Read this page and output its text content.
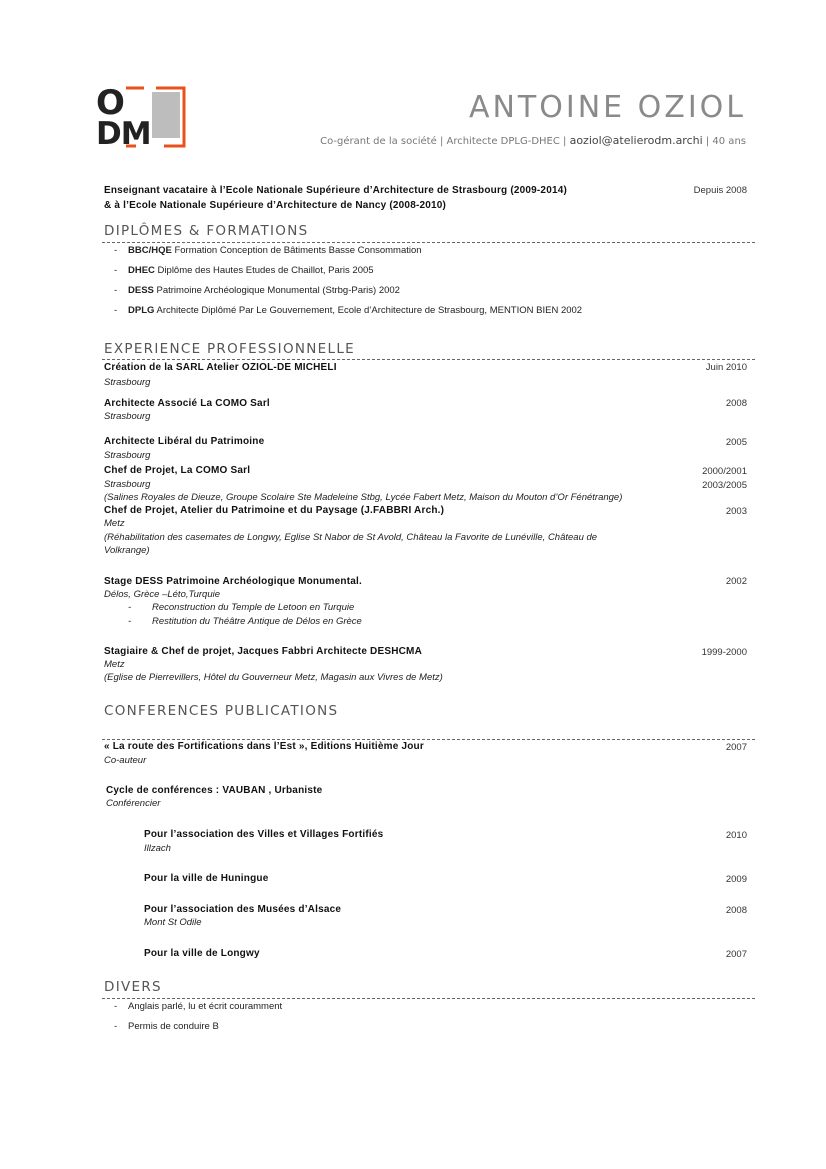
O
DM
ANTOINE OZIOL
Co-gérant de la société | Architecte DPLG-DHEC | aoziol@atelierodm.archi | 40 ans
Enseignant vacataire à l’Ecole Nationale Supérieure d’Architecture de Strasbourg (2009-2014)
& à l’Ecole Nationale Supérieure d’Architecture de Nancy (2008-2010)
Depuis 2008
DIPLÔMES & FORMATIONS
- BBC/HQE Formation Conception de Bâtiments Basse Consommation
- DHEC Diplôme des Hautes Etudes de Chaillot, Paris 2005
- DESS Patrimoine Archéologique Monumental (Strbg-Paris) 2002
- DPLG Architecte Diplômé Par Le Gouvernement, Ecole d’Architecture de Strasbourg, MENTION BIEN 2002
EXPERIENCE PROFESSIONNELLE
Création de la SARL Atelier OZIOL-DE MICHELI
Strasbourg
Juin 2010
Architecte Associé La COMO Sarl
Strasbourg
2008
Architecte Libéral du Patrimoine
Strasbourg
2005
Chef de Projet, La COMO Sarl
Strasbourg
(Salines Royales de Dieuze, Groupe Scolaire Ste Madeleine Stbg, Lycée Fabert Metz, Maison du Mouton d’Or Fénétrange)
2000/2001
2003/2005
Chef de Projet, Atelier du Patrimoine et du Paysage (J.FABBRI Arch.)
Metz
(Réhabilitation des casemates de Longwy, Eglise St Nabor de St Avold, Château la Favorite de Lunéville, Château de
Volkrange)
2003
Stage DESS Patrimoine Archéologique Monumental.
Délos, Grèce –Léto,Turquie
- Reconstruction du Temple de Letoon en Turquie
- Restitution du Théâtre Antique de Délos en Grèce
2002
Stagiaire & Chef de projet, Jacques Fabbri Architecte DESHCMA
Metz
(Eglise de Pierrevillers, Hôtel du Gouverneur Metz, Magasin aux Vivres de Metz)
1999-2000
CONFERENCES PUBLICATIONS
« La route des Fortifications dans l’Est », Editions Huitième Jour
Co-auteur
2007
Cycle de conférences : VAUBAN , Urbaniste
Conférencier
Pour l’association des Villes et Villages Fortifiés
Illzach
2010
Pour la ville de Huningue	2009
Pour l’association des Musées d’Alsace
Mont St Odile
2008
Pour la ville de Longwy	2007
DIVERS
- Anglais parlé, lu et écrit couramment
- Permis de conduire B
